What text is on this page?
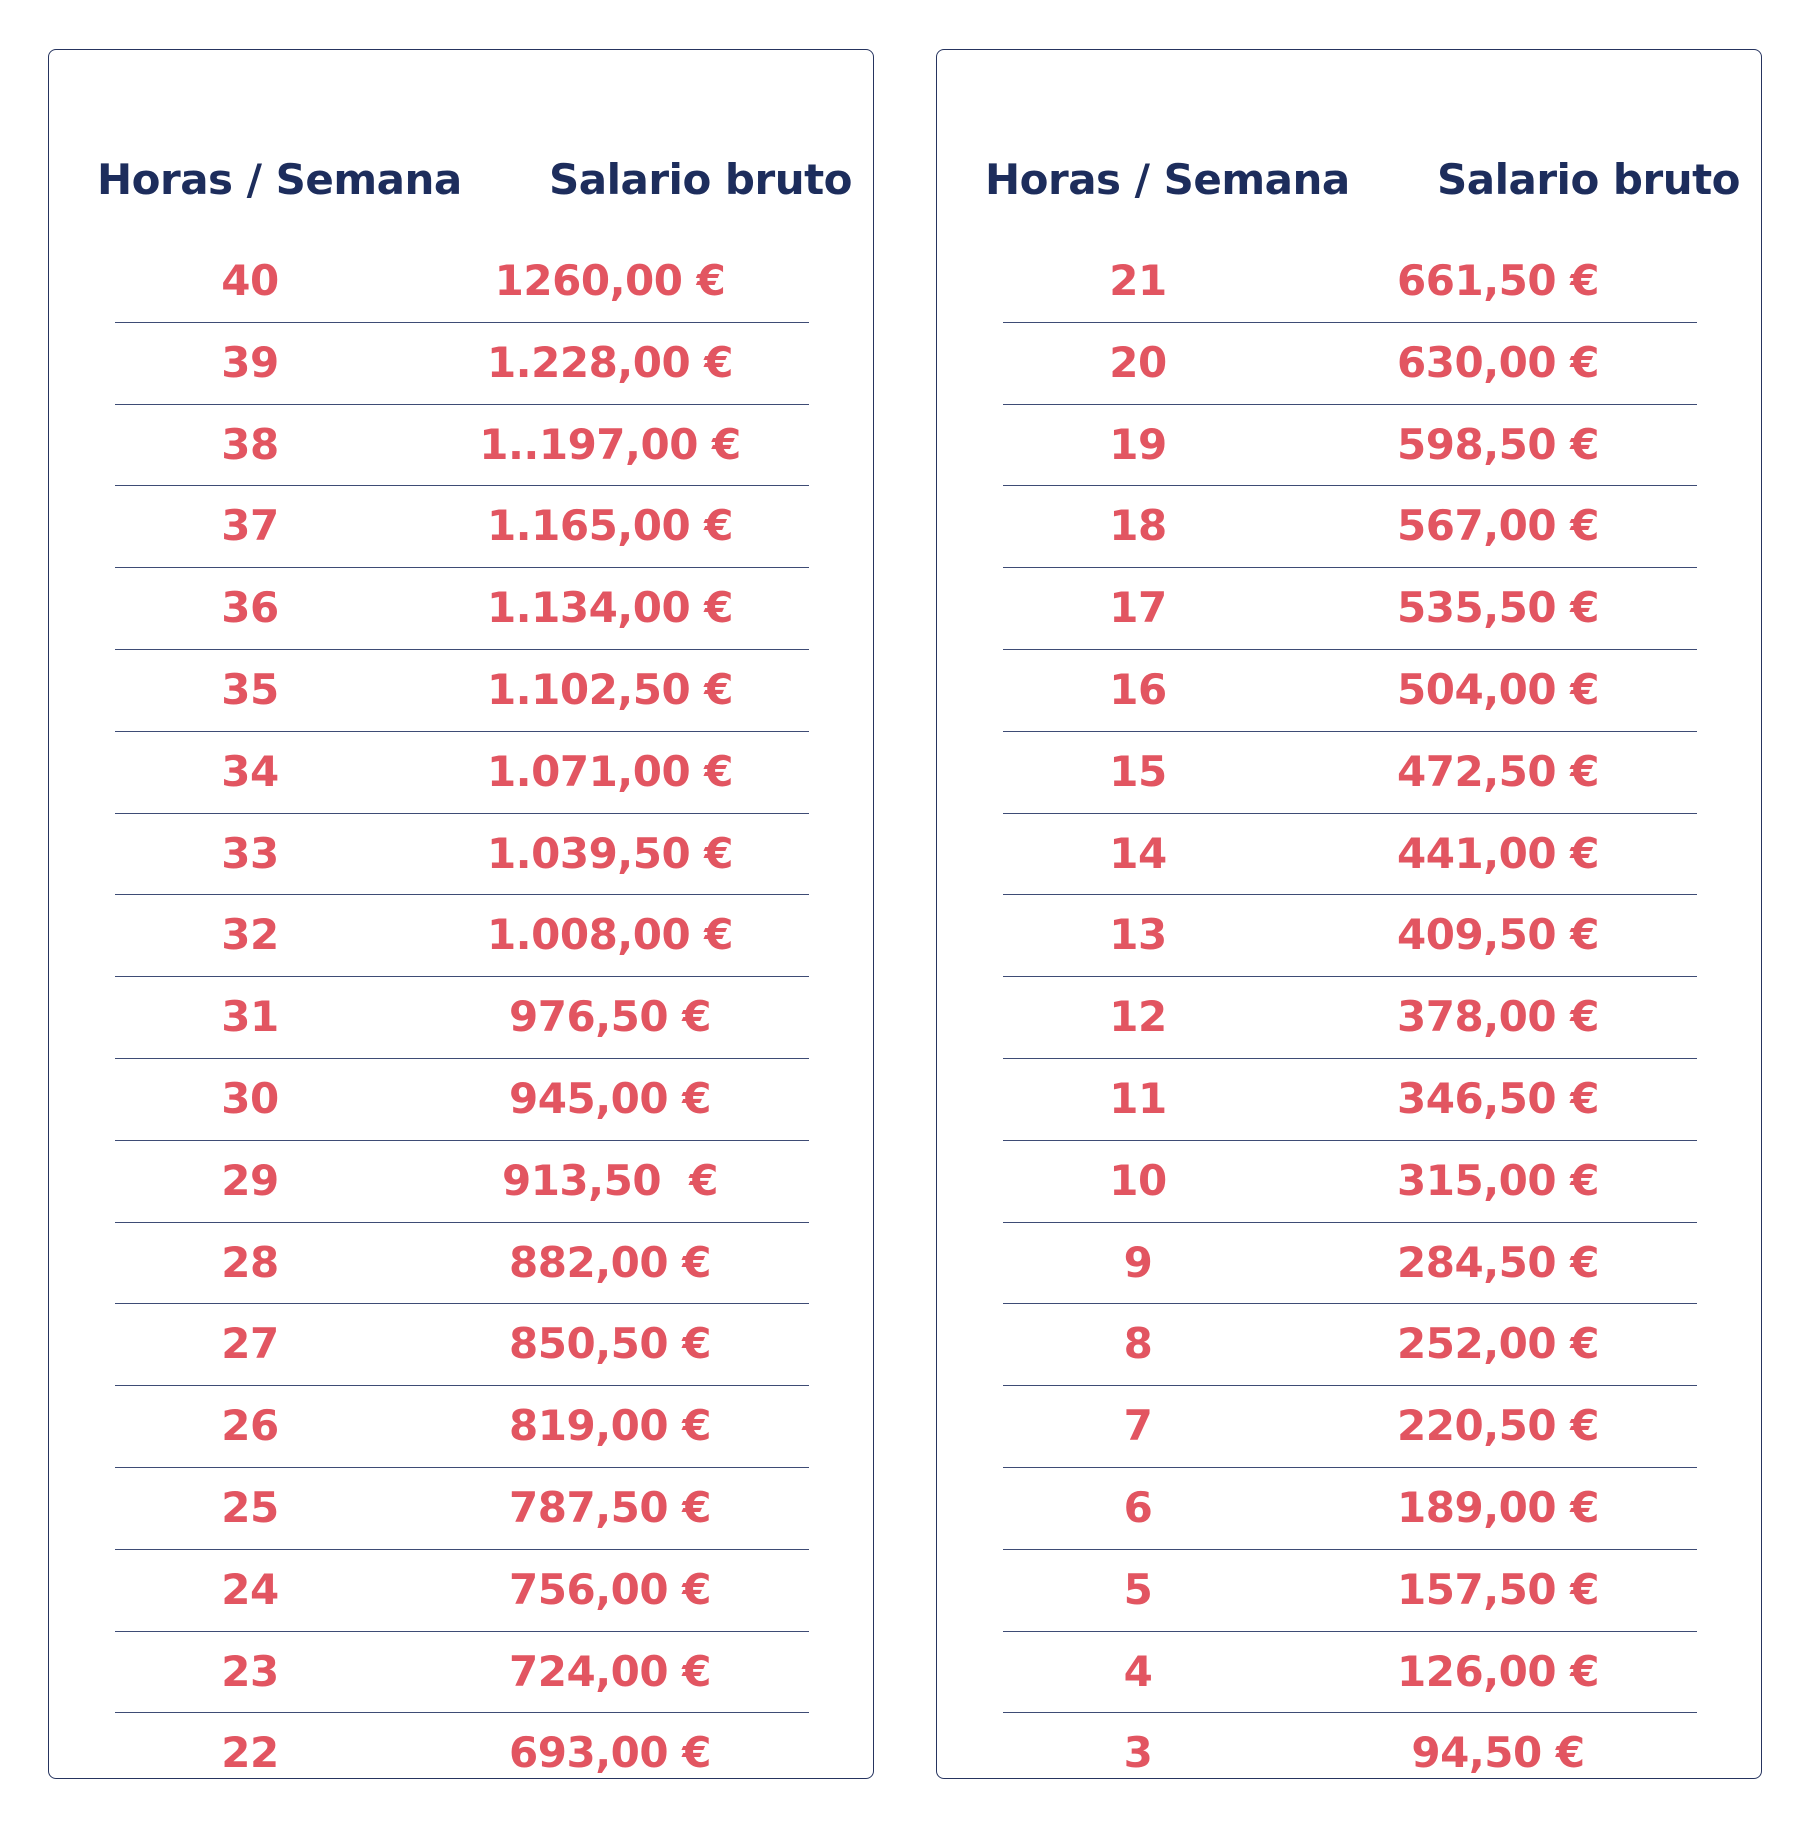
Horas / Semana Salario bruto
40	1260,00 €
39	1.228,00 €
38	1..197,00 €
37	1.165,00 €
36	1.134,00 €
35	1.102,50 €
34	1.071,00 €
33	1.039,50 €
32	1.008,00 €
31	976,50 €
30	945,00 €
29	913,50  €
28	882,00 €
27	850,50 €
26	819,00 €
25	787,50 €
24	756,00 €
23	724,00 €
22	693,00 €
Horas / Semana Salario bruto
21	661,50 €
20	630,00 €
19	598,50 €
18	567,00 €
17	535,50 €
16	504,00 €
15	472,50 €
14	441,00 €
13	409,50 €
12	378,00 €
11	346,50 €
10	315,00 €
9	284,50 €
8	252,00 €
7	220,50 €
6	189,00 €
5	157,50 €
4	126,00 €
3	94,50 €
